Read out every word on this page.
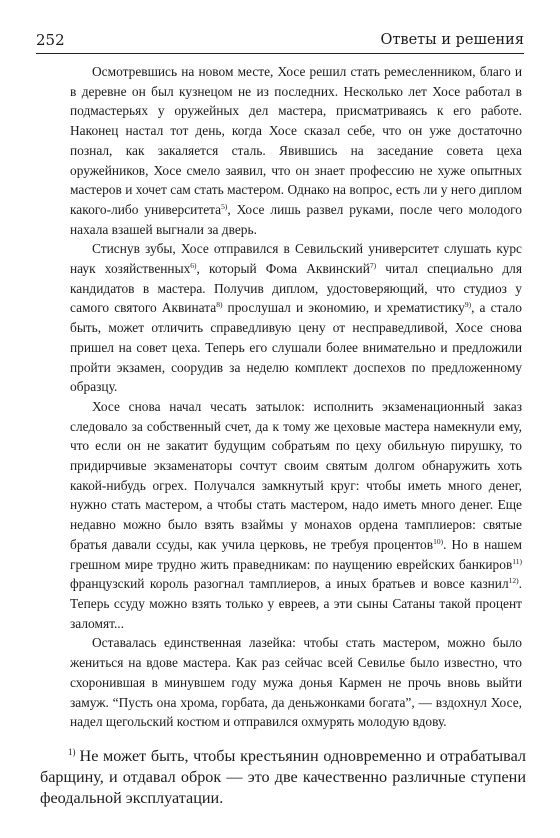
252	Ответы и решения

Осмотревшись на новом месте, Хосе решил стать ремесленником, благо и в деревне он был кузнецом не из последних. Несколько лет Хосе работал в подмастерьях у оружейных дел мастера, присматриваясь к его работе. Наконец настал тот день, когда Хосе сказал себе, что он уже достаточно познал, как закаляется сталь. Явившись на заседание совета цеха оружейников, Хосе смело заявил, что он знает профессию не хуже опытных мастеров и хочет сам стать мастером. Однако на вопрос, есть ли у него диплом какого-либо университета$^{5)}$, Хосе лишь развел руками, после чего молодого нахала взашей выгнали за дверь.

Стиснув зубы, Хосе отправился в Севильский университет слушать курс наук хозяйственных$^{6)}$, который Фома Аквинский$^{7)}$ читал специально для кандидатов в мастера. Получив диплом, удостоверяющий, что студиоз у самого святого Аквината$^{8)}$ прослушал и экономию, и хрематистику$^{9)}$, а стало быть, может отличить справедливую цену от несправедливой, Хосе снова пришел на совет цеха. Теперь его слушали более внимательно и предложили пройти экзамен, соорудив за неделю комплект доспехов по предложенному образцу.

Хосе снова начал чесать затылок: исполнить экзаменационный заказ следовало за собственный счет, да к тому же цеховые мастера намекнули ему, что если он не закатит будущим собратьям по цеху обильную пирушку, то придирчивые экзаменаторы сочтут своим святым долгом обнаружить хоть какой-нибудь огрех. Получался замкнутый круг: чтобы иметь много денег, нужно стать мастером, а чтобы стать мастером, надо иметь много денег. Еще недавно можно было взять взаймы у монахов ордена тамплиеров: святые братья давали ссуды, как учила церковь, не требуя процентов$^{10)}$. Но в нашем грешном мире трудно жить праведникам: по наущению еврейских банкиров$^{11)}$ французский король разогнал тамплиеров, а иных братьев и вовсе казнил$^{12)}$. Теперь ссуду можно взять только у евреев, а эти сыны Сатаны такой процент заломят...

Оставалась единственная лазейка: чтобы стать мастером, можно было жениться на вдове мастера. Как раз сейчас всей Севилье было известно, что схоронившая в минувшем году мужа донья Кармен не прочь вновь выйти замуж. “Пусть она хрома, горбата, да деньжонками богата”, — вздохнул Хосе, надел щегольский костюм и отправился охмурять молодую вдову.

$^{1)}$ Не может быть, чтобы крестьянин одновременно и отрабатывал барщину, и отдавал оброк — это две качественно различные ступени феодальной эксплуатации.
